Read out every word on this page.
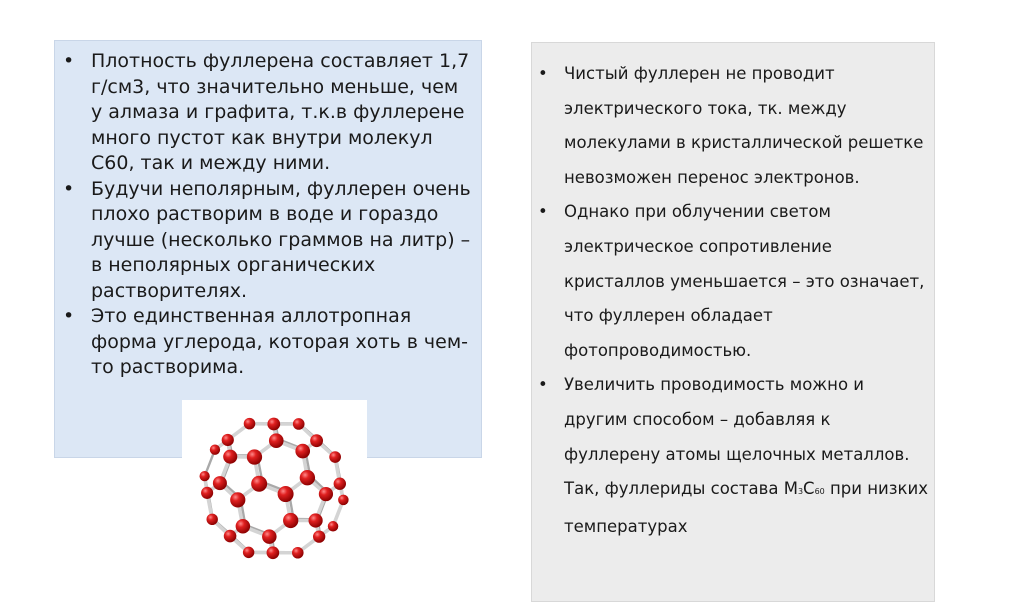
• Плотность фуллерена составляет 1,7 г/см3, что значительно меньше, чем у алмаза и графита, т.к.в фуллерене много пустот как внутри молекул С60, так и между ними.
• Будучи неполярным, фуллерен очень плохо растворим в воде и гораздо лучше (несколько граммов на литр) – в неполярных органических растворителях.
• Это единственная аллотропная форма углерода, которая хоть в чем-то растворима.
• Чистый фуллерен не проводит электрического тока, тк. между молекулами в кристаллической решетке невозможен перенос электронов.
• Однако при облучении светом электрическое сопротивление кристаллов уменьшается – это означает, что фуллерен обладает фотопроводимостью.
• Увеличить проводимость можно и другим способом – добавляя к фуллерену атомы щелочных металлов. Так, фуллериды состава M3C60 при низких температурах
